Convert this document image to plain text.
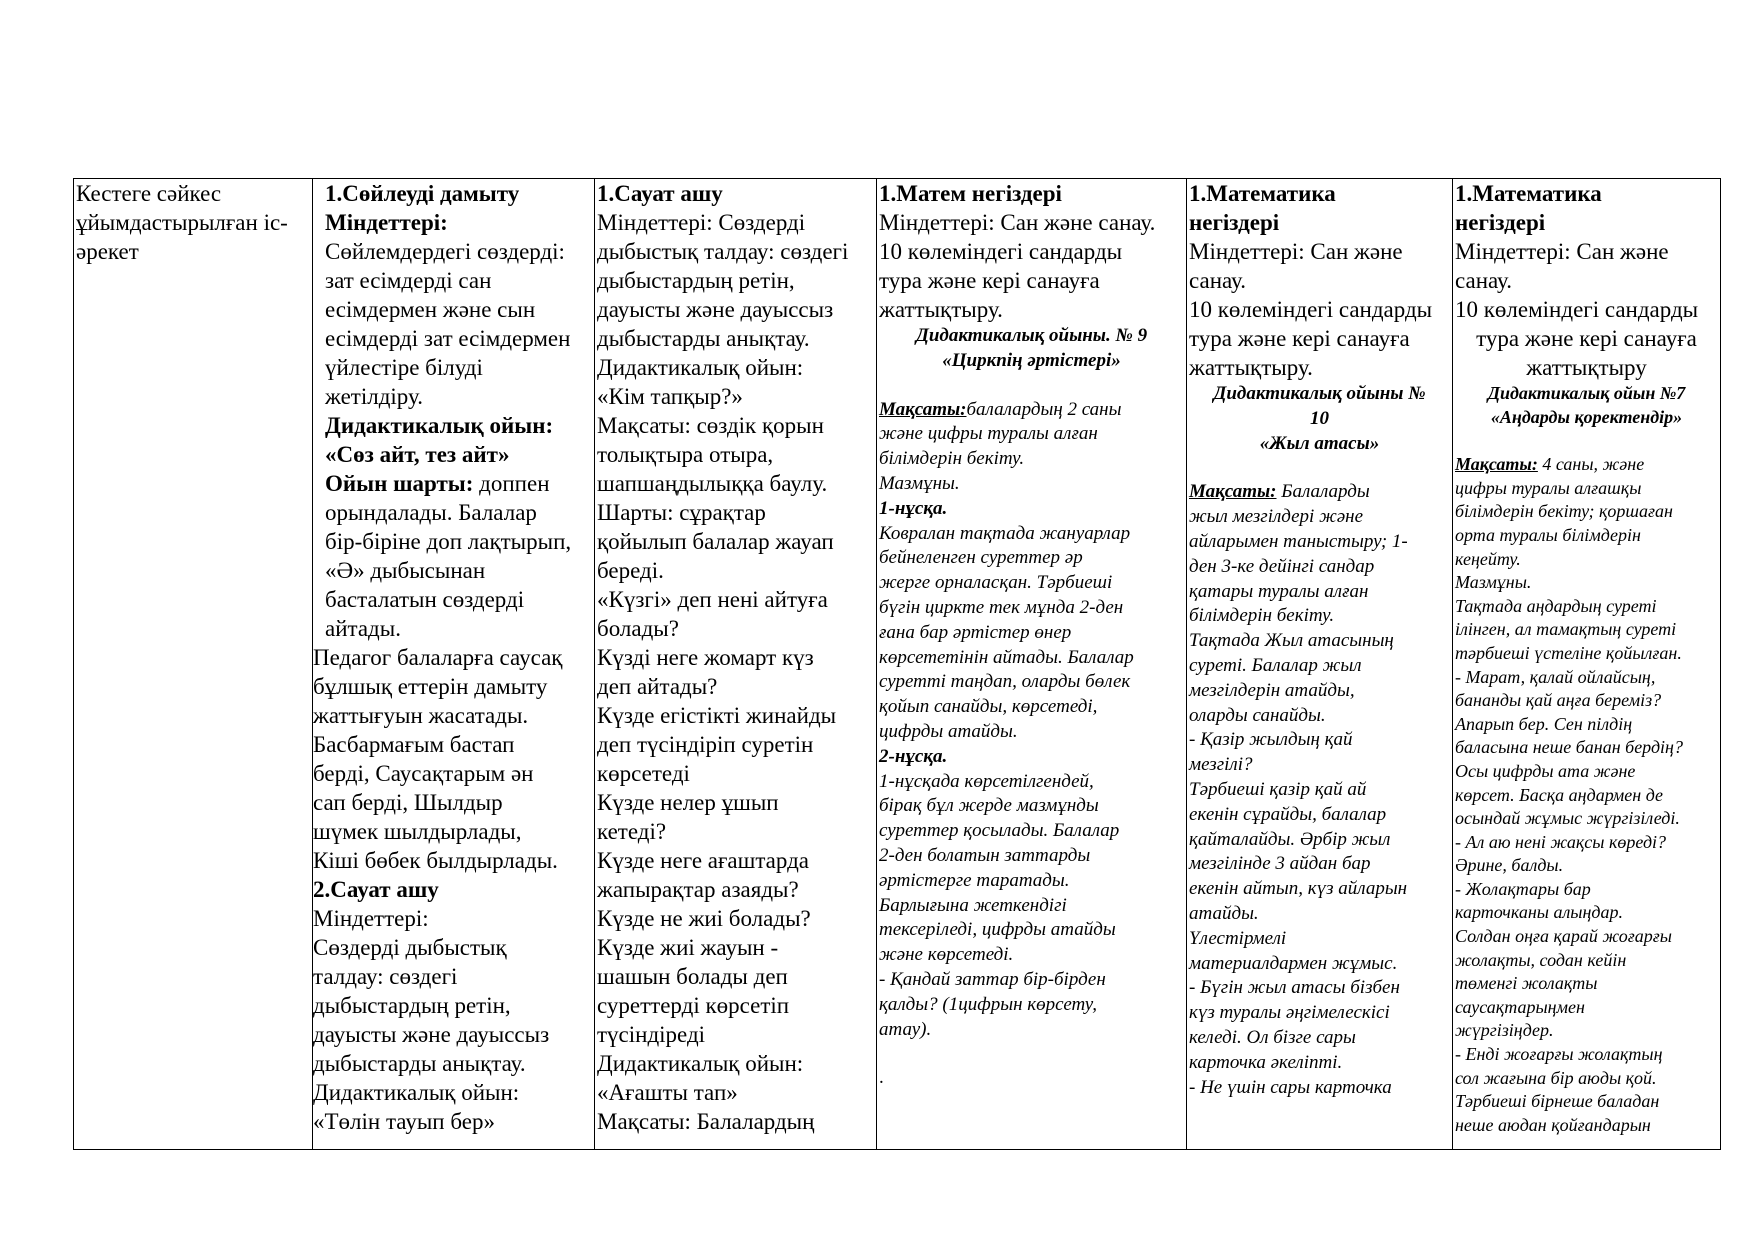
Кестеге сәйкес
ұйымдастырылған іс-
әрекет

1.Сөйлеуді дамыту
Міндеттері:
Сөйлемдердегі сөздерді:
зат есімдерді сан
есімдермен және сын
есімдерді зат есімдермен
үйлестіре білуді
жетілдіру.
Дидактикалық ойын:
«Сөз айт, тез айт»
Ойын шарты: доппен
орындалады. Балалар
бір-біріне доп лақтырып,
«Ә» дыбысынан
басталатын сөздерді
айтады.
Педагог балаларға саусақ
бұлшық еттерін дамыту
жаттығуын жасатады.
Басбармағым бастап
берді, Саусақтарым ән
сап берді, Шылдыр
шүмек шылдырлады,
Кіші бөбек былдырлады.
2.Сауат ашу
Міндеттері:
Сөздерді дыбыстық
талдау: сөздегі
дыбыстардың ретін,
дауысты және дауыссыз
дыбыстарды анықтау.
Дидактикалық ойын:
«Төлін тауып бер»

1.Сауат ашу
Міндеттері: Сөздерді
дыбыстық талдау: сөздегі
дыбыстардың ретін,
дауысты және дауыссыз
дыбыстарды анықтау.
Дидактикалық ойын:
«Кім тапқыр?»
Мақсаты: сөздік қорын
толықтыра отыра,
шапшаңдылыққа баулу.
Шарты: сұрақтар
қойылып балалар жауап
береді.
«Күзгі» деп нені айтуға
болады?
Күзді неге жомарт күз
деп айтады?
Күзде егістікті жинайды
деп түсіндіріп суретін
көрсетеді
Күзде нелер ұшып
кетеді?
Күзде неге ағаштарда
жапырақтар азаяды?
Күзде не жиі болады?
Күзде жиі жауын -
шашын болады деп
суреттерді көрсетіп
түсіндіреді
Дидактикалық ойын:
«Ағашты тап»
Мақсаты: Балалардың

1.Матем негіздері
Міндеттері: Сан және санау.
10 көлеміндегі сандарды
тура және кері санауға
жаттықтыру.
Дидактикалық ойыны. № 9
«Циркпің әртістері»
Мақсаты:балалардың 2 саны
және цифры туралы алған
білімдерін бекіту.
Мазмұны.
1-нұсқа.
Ковралан тақтада жанyарлар
бейнеленген суреттер әр
жерге орналасқан. Тәрбиеші
бүгін циркте тек мұнда 2-ден
ғана бар әртістер өнер
көрсететінін айтады. Балалар
суретті таңдап, оларды бөлек
қойып санайды, көрсетеді,
цифрды атайды.
2-нұсқа.
1-нұсқада көрсетілгендей,
бірақ бұл жерде мазмұнды
суреттер қосылады. Балалар
2-ден болатын заттарды
әртістерге таратады.
Барлығына жеткендігі
тексеріледі, цифрды атайды
және көрсетеді.
- Қандай заттар бір-бірден
қалды? (1цифрын көрсету,
атау).
.

1.Математика
негіздері
Міндеттері: Сан және
санау.
10 көлеміндегі сандарды
тура және кері санауға
жаттықтыру.
Дидактикалық ойыны №
10
«Жыл атасы»
Мақсаты: Балаларды
жыл мезгілдері және
айларымен таныстыру; 1-
ден 3-ке дейінгі сандар
қатары туралы алған
білімдерін бекіту.
Тақтада Жыл атасының
суреті. Балалар жыл
мезгілдерін атайды,
оларды санайды.
- Қазір жылдың қай
мезгілі?
Тәрбиеші қазір қай ай
екенін сұрайды, балалар
қайталайды. Әрбір жыл
мезгілінде 3 айдан бар
екенін айтып, күз айларын
атайды.
Үлестірмелі
материалдармен жұмыс.
- Бүгін жыл атасы бізбен
күз туралы әңгімелескісі
келеді. Ол бізге сары
карточка әкеліпті.
- Не үшін сары карточка

1.Математика
негіздері
Міндеттері: Сан және
санау.
10 көлеміндегі сандарды
тура және кері санауға
жаттықтыру
Дидактикалық ойын №7
«Аңдарды қоректендір»
Мақсаты: 4 саны, және
цифры туралы алғашқы
білімдерін бекіту; қоршаған
орта туралы білімдерін
кеңейту.
Мазмұны.
Тақтада аңдардың суреті
ілінген, ал тамақтың суреті
тәрбиеші үстеліне қойылған.
- Марат, қалай ойлайсың,
бананды қай аңға береміз?
Апарып бер. Сен пілдің
баласына неше банан бердің?
Осы цифрды ата және
көрсет. Басқа аңдармен де
осындай жұмыс жүргізіледі.
- Ал аю нені жақсы көреді?
Әрине, балды.
- Жолақтары бар
карточканы алыңдар.
Солдан оңға қарай жоғарғы
жолақты, содан кейін
төменгі жолақты
саусақтарыңмен
жүргізіңдер.
- Енді жоғарғы жолақтың
сол жағына бір аюды қой.
Тәрбиеші бірнеше баладан
неше аюдан қойғандарын
